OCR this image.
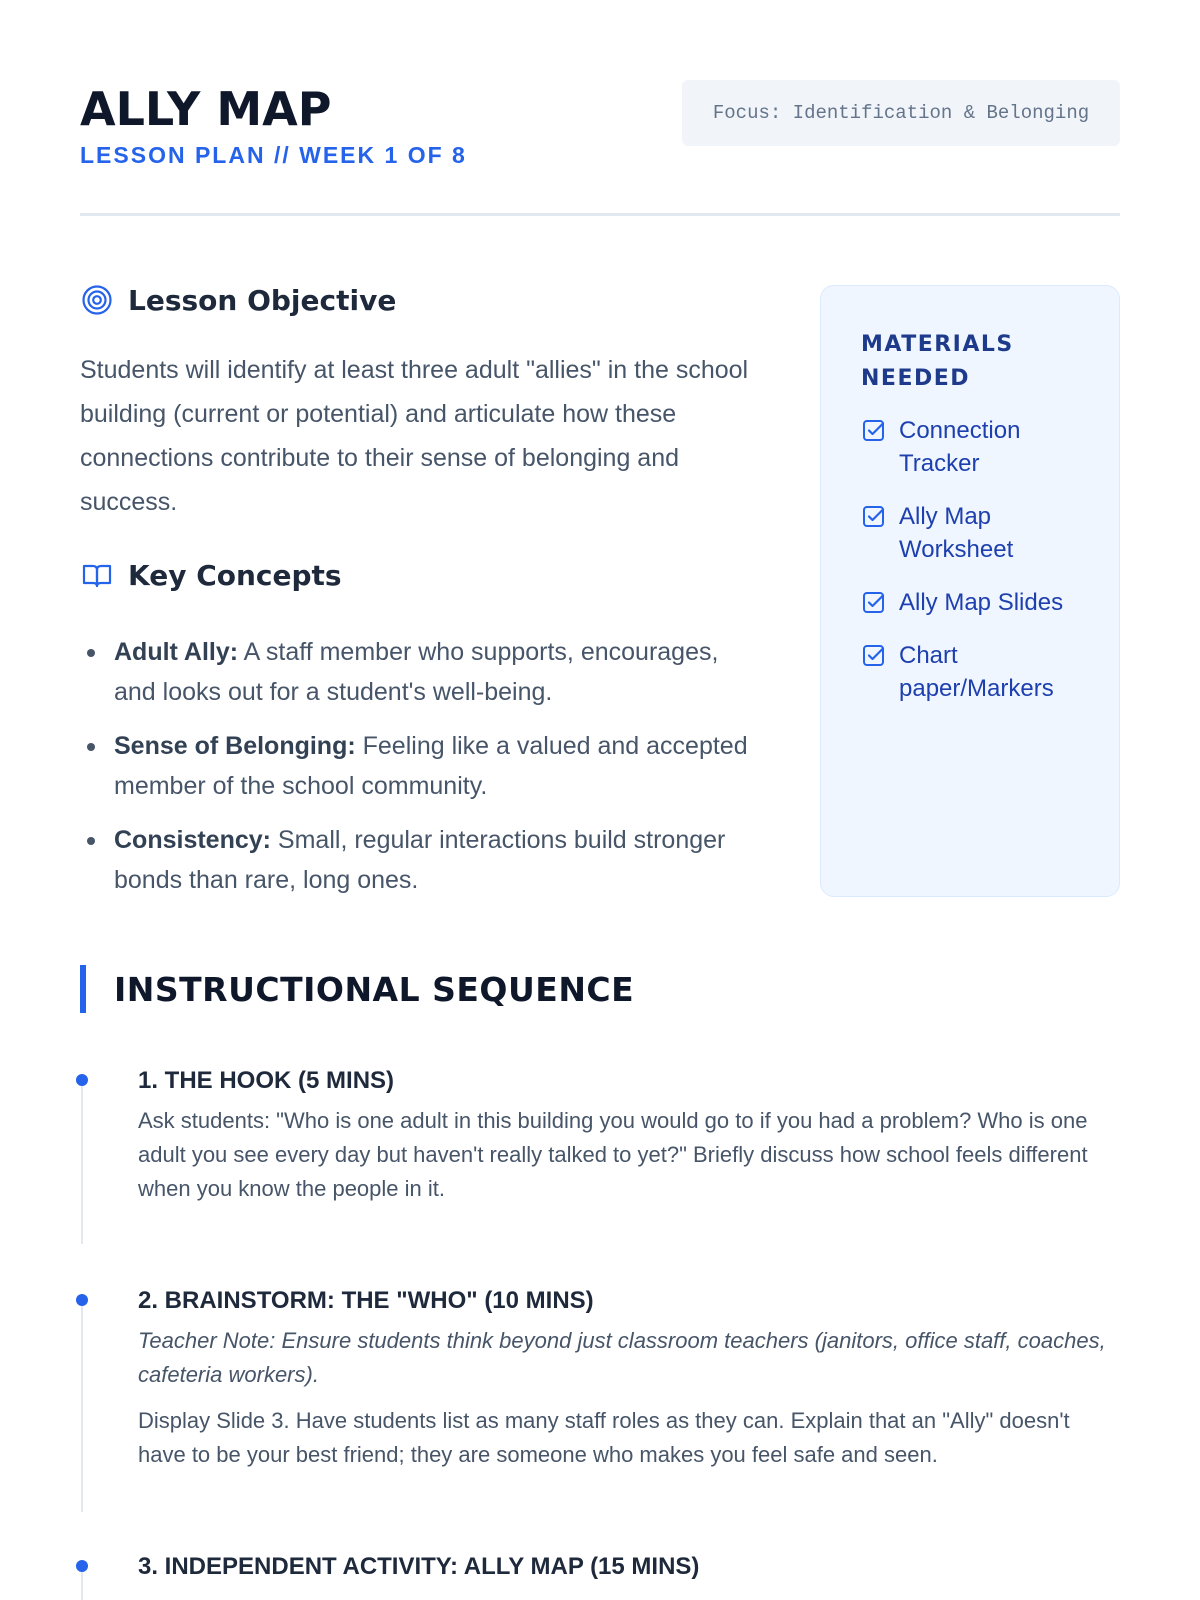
ALLY MAP
LESSON PLAN // WEEK 1 OF 8
Focus: Identification & Belonging
Lesson Objective

Students will identify at least three adult "allies" in the school building (current or potential) and articulate how these connections contribute to their sense of belonging and success.

Key Concepts
Adult Ally: A staff member who supports, encourages, and looks out for a student's well-being.
Sense of Belonging: Feeling like a valued and accepted member of the school community.
Consistency: Small, regular interactions build stronger bonds than rare, long ones.
MATERIALS NEEDED
Connection Tracker
Ally Map Worksheet
Ally Map Slides
Chart paper/Markers
INSTRUCTIONAL SEQUENCE
1. THE HOOK (5 MINS)
Ask students: "Who is one adult in this building you would go to if you had a problem? Who is one adult you see every day but haven't really talked to yet?" Briefly discuss how school feels different when you know the people in it.
2. BRAINSTORM: THE "WHO" (10 MINS)
Teacher Note: Ensure students think beyond just classroom teachers (janitors, office staff, coaches, cafeteria workers).
Display Slide 3. Have students list as many staff roles as they can. Explain that an "Ally" doesn't have to be your best friend; they are someone who makes you feel safe and seen.
3. INDEPENDENT ACTIVITY: ALLY MAP (15 MINS)
